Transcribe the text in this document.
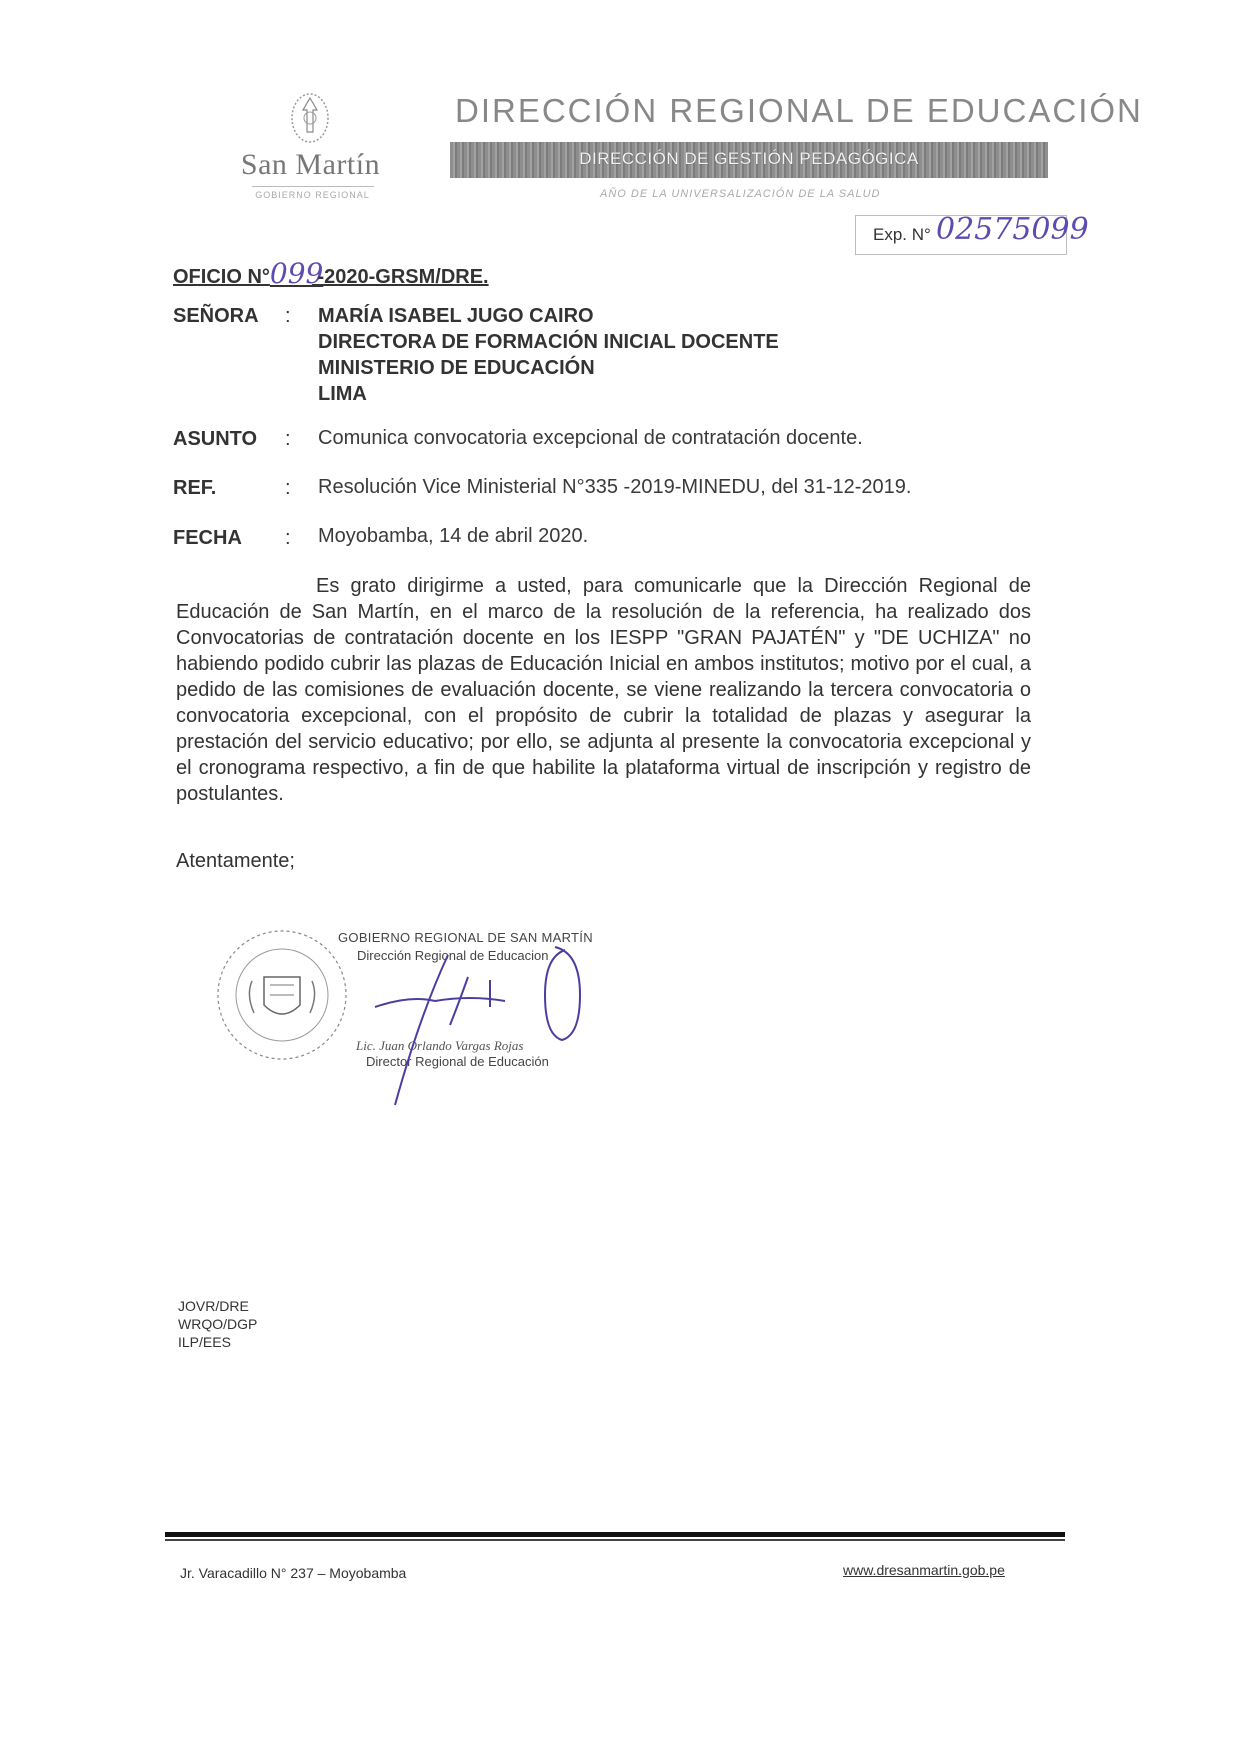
San Martín
GOBIERNO REGIONAL
DIRECCIÓN REGIONAL DE EDUCACIÓN
DIRECCIÓN DE GESTIÓN PEDAGÓGICA
AÑO DE LA UNIVERSALIZACIÓN DE LA SALUD
Exp. N° 02575099
OFICIO N°099 -2020-GRSM/DRE.
SEÑORA : MARÍA ISABEL JUGO CAIRO
DIRECTORA DE FORMACIÓN INICIAL DOCENTE
MINISTERIO DE EDUCACIÓN
LIMA
ASUNTO : Comunica convocatoria excepcional de contratación docente.
REF.	: Resolución Vice Ministerial N°335 -2019-MINEDU, del 31-12-2019.
FECHA : Moyobamba, 14 de abril 2020.
Es grato dirigirme a usted, para comunicarle que la Dirección Regional de Educación de San Martín, en el marco de la resolución de la referencia, ha realizado dos Convocatorias de contratación docente en los IESPP "GRAN PAJATÉN" y "DE UCHIZA" no habiendo podido cubrir las plazas de Educación Inicial en ambos institutos; motivo por el cual, a pedido de las comisiones de evaluación docente, se viene realizando la tercera convocatoria o convocatoria excepcional, con el propósito de cubrir la totalidad de plazas y asegurar la prestación del servicio educativo; por ello, se adjunta al presente la convocatoria excepcional y el cronograma respectivo, a fin de que habilite la plataforma virtual de inscripción y registro de postulantes.
Atentamente;
GOBIERNO REGIONAL DE SAN MARTÍN
Dirección Regional de Educacion
Lic. Juan Orlando Vargas Rojas
Director Regional de Educación
JOVR/DRE
WRQO/DGP
ILP/EES
Jr. Varacadillo N° 237 – Moyobamba	www.dresanmartin.gob.pe
